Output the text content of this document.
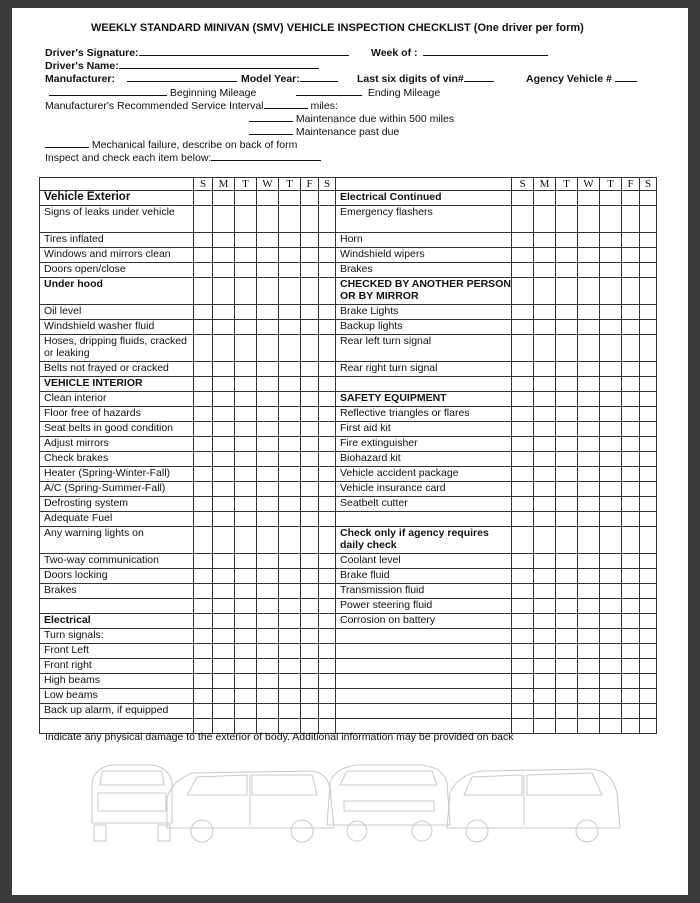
WEEKLY STANDARD MINIVAN (SMV) VEHICLE INSPECTION CHECKLIST (One driver per form)
Driver's Signature:	Week of :
Driver's Name:
Manufacturer:	Model Year:	Last six digits of vin#	Agency Vehicle #
Beginning Mileage	Ending Mileage
Manufacturer's Recommended Service Interval	miles:
Maintenance due within 500 miles
Maintenance past due
Mechanical failure, describe on back of form
Inspect and check each item below:
	S	M	T	W	T	F	S		S	M	T	W	T	F	S
Vehicle Exterior								Electrical Continued							
Signs of leaks under vehicle								Emergency flashers							
Tires inflated								Horn							
Windows and mirrors clean								Windshield wipers							
Doors open/close								Brakes							
Under hood								CHECKED BY ANOTHER PERSON OR BY MIRROR							
Oil level								Brake Lights							
Windshield washer fluid								Backup lights							
Hoses, dripping fluids, cracked or leaking								Rear left turn signal							
Belts not frayed or cracked								Rear right turn signal							
VEHICLE INTERIOR															
Clean interior								SAFETY EQUIPMENT							
Floor free of hazards								Reflective triangles or flares							
Seat belts in good condition								First aid kit							
Adjust mirrors								Fire extinguisher							
Check brakes								Biohazard kit							
Heater (Spring-Winter-Fall)								Vehicle accident package							
A/C (Spring-Summer-Fall)								Vehicle insurance card							
Defrosting system								Seatbelt cutter							
Adequate Fuel															
Any warning lights on								Check only if agency requires daily check							
Two-way communication								Coolant level							
Doors locking								Brake fluid							
Brakes								Transmission fluid							
								Power steering fluid							
Electrical								Corrosion on battery							
Turn signals:															
Front Left															
Front right															
High beams															
Low beams															
Back up alarm, if equipped															

Indicate any physical damage to the exterior of body. Additional information may be provided on back
